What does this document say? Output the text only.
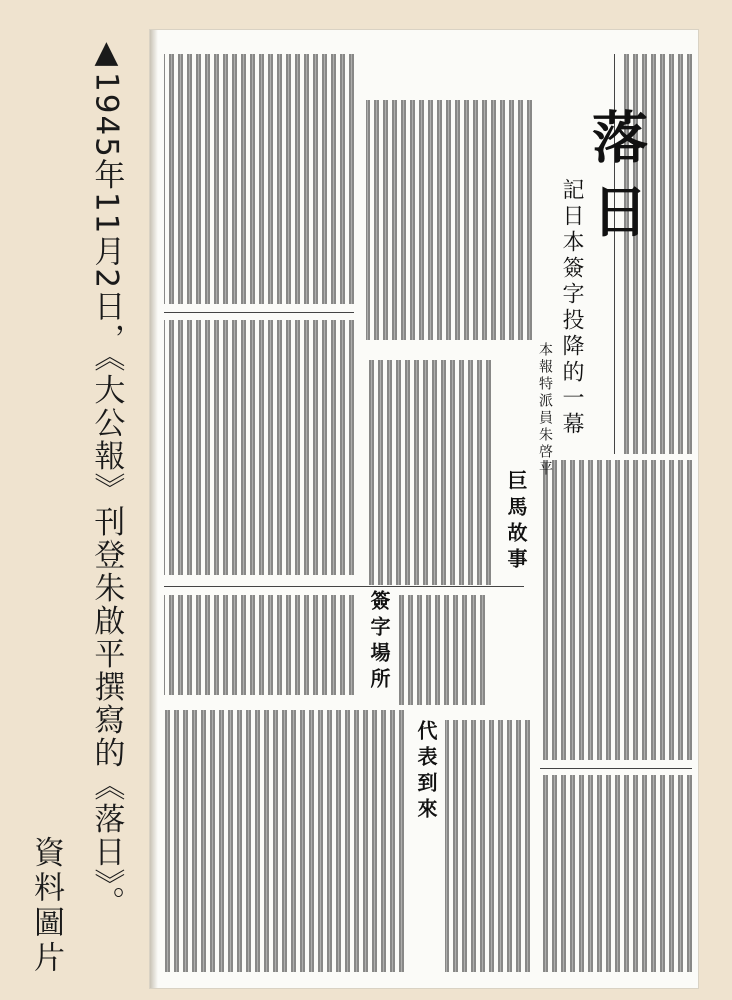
落日
記日本簽字投降的一幕
本報特派員朱啓平
巨馬故事
簽字場所
代表到來
▲1945年11月2日，《大公報》刊登朱啟平撰寫的《落日》。
資料圖片
